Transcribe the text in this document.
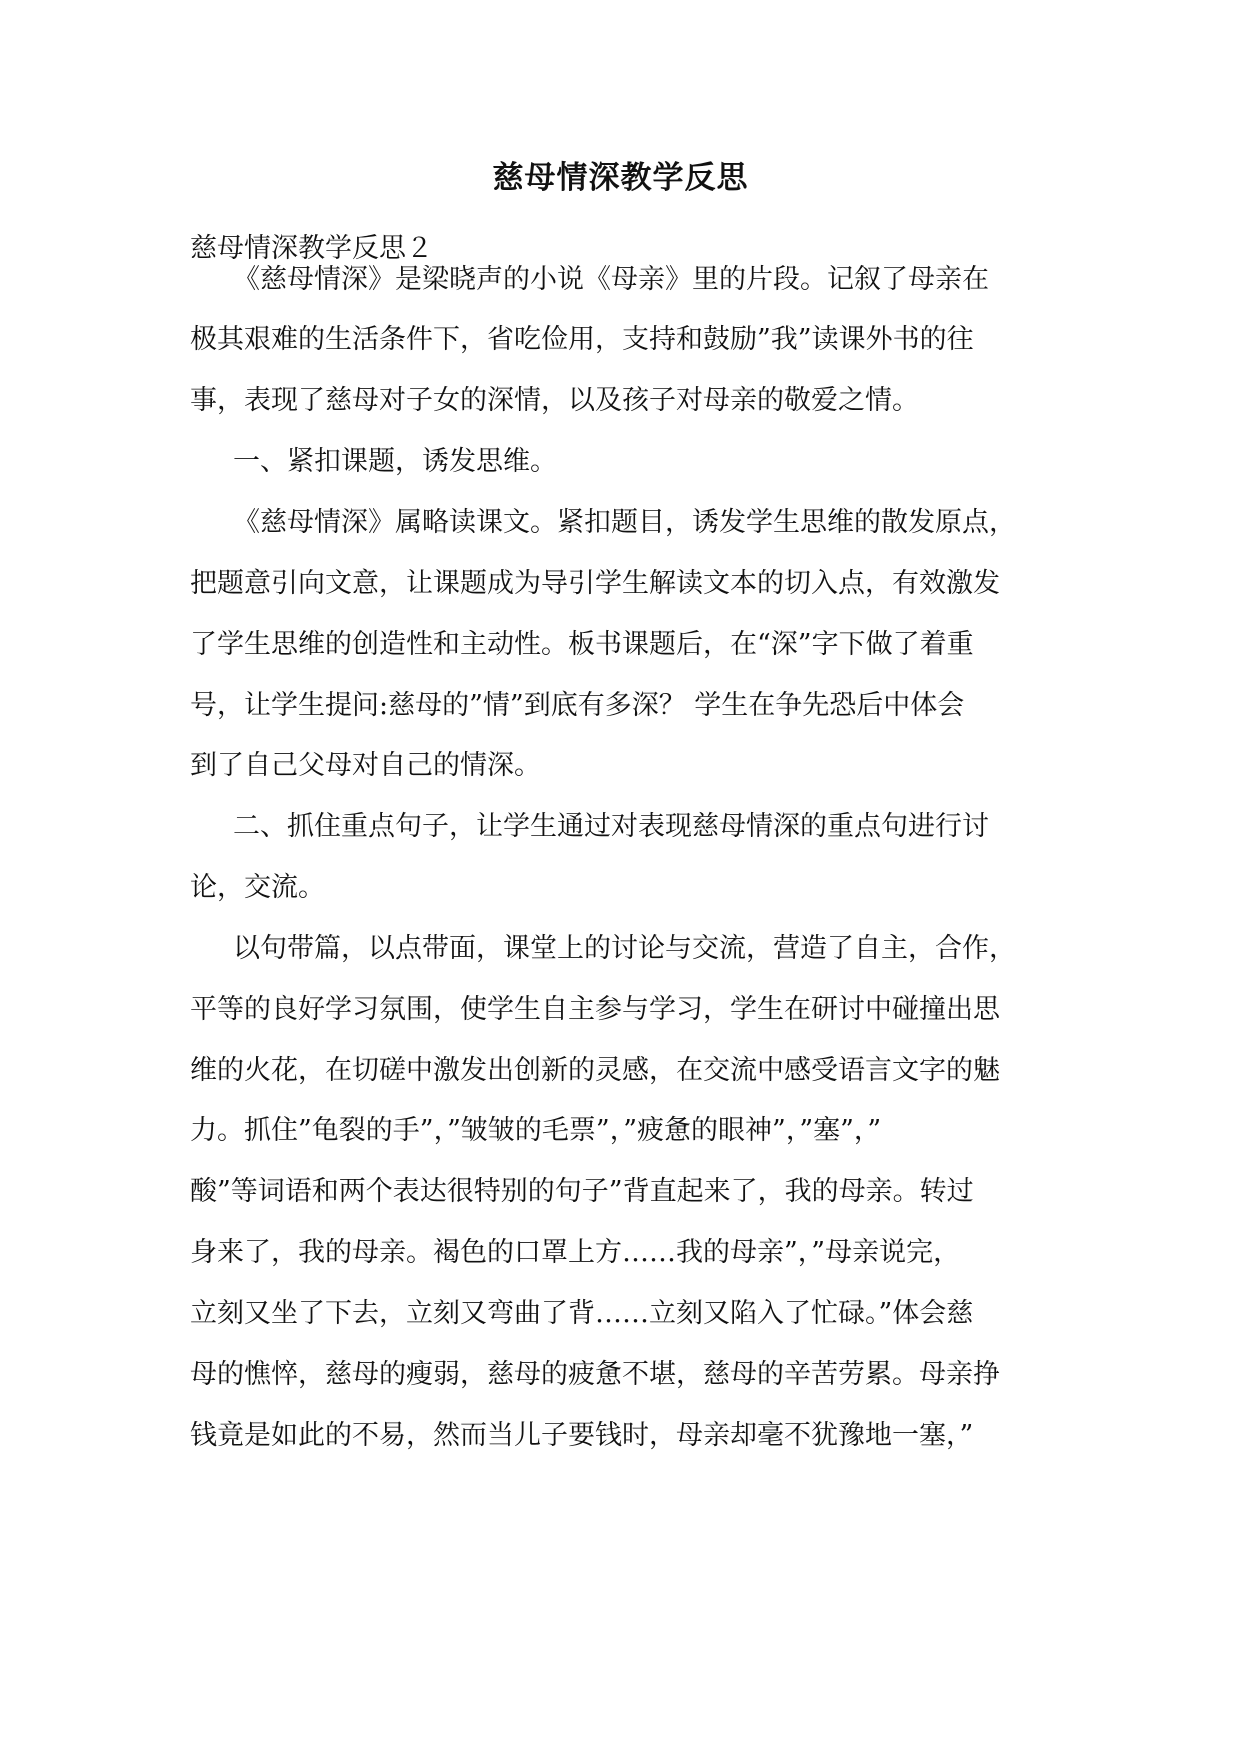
慈母情深教学反思

慈母情深教学反思２

《慈母情深》是梁晓声的小说《母亲》里的片段。记叙了母亲在

极其艰难的生活条件下，省吃俭用，支持和鼓励”我”读课外书的往

事，表现了慈母对子女的深情，以及孩子对母亲的敬爱之情。

一、紧扣课题，诱发思维。

《慈母情深》属略读课文。紧扣题目，诱发学生思维的散发原点，

把题意引向文意，让课题成为导引学生解读文本的切入点，有效激发

了学生思维的创造性和主动性。板书课题后，在“深”字下做了着重

号，让学生提问:慈母的”情”到底有多深？ 学生在争先恐后中体会

到了自己父母对自己的情深。

二、抓住重点句子，让学生通过对表现慈母情深的重点句进行讨

论，交流。

以句带篇，以点带面，课堂上的讨论与交流，营造了自主，合作，

平等的良好学习氛围，使学生自主参与学习，学生在研讨中碰撞出思

维的火花，在切磋中激发出创新的灵感，在交流中感受语言文字的魅

力。抓住”龟裂的手”，”皱皱的毛票”，”疲惫的眼神”，”塞”，”

酸”等词语和两个表达很特别的句子”背直起来了，我的母亲。转过

身来了，我的母亲。褐色的口罩上方……我的母亲”，”母亲说完，

立刻又坐了下去，立刻又弯曲了背……立刻又陷入了忙碌。”体会慈

母的憔悴，慈母的瘦弱，慈母的疲惫不堪，慈母的辛苦劳累。母亲挣

钱竟是如此的不易，然而当儿子要钱时，母亲却毫不犹豫地一塞，”
